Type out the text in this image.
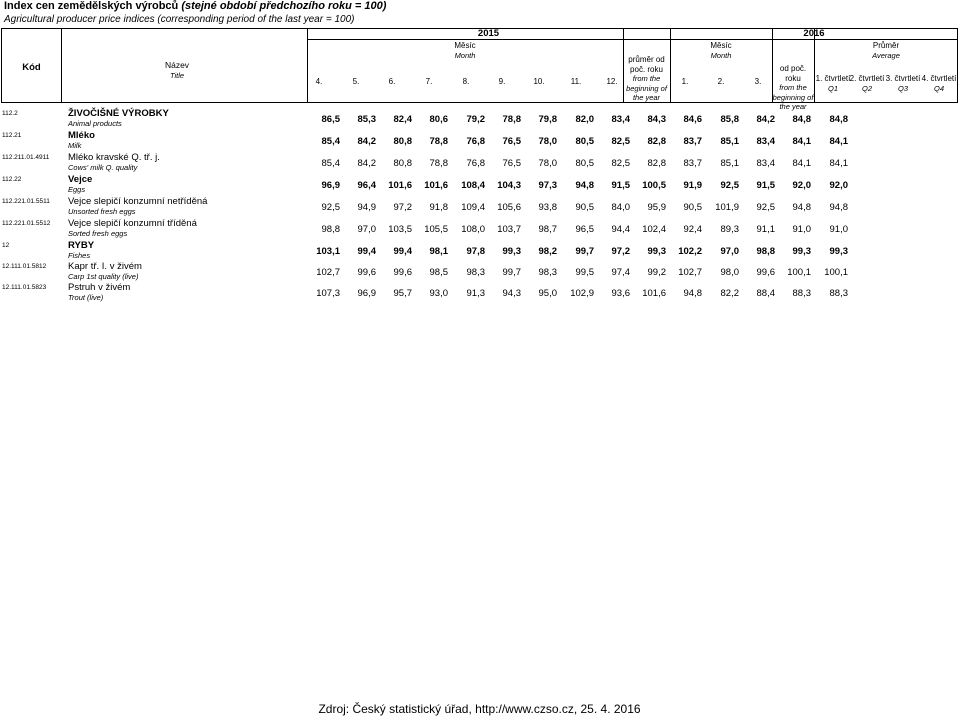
Index cen zemědělských výrobců (stejné období předchozího roku = 100)
Agricultural producer price indices (corresponding period of the last year = 100)
Kód	Název
Title
2015	2016
Měsíc
Month
Měsíc
Month
Průměr
Average
průměr od
poč. roku
from the
beginning of
the year
od poč.
roku
from the
beginning of
the year
4.	5.	6.	7.	8.	9.	10.	11.	12.	1.	2.	3.	1. čtvrtletí
Q1
2. čtvrtletí
Q2
3. čtvrtletí
Q3
4. čtvrtletí
Q4
112.2	ŽIVOČIŠNÉ VÝROBKY
Animal products	86,5	85,3	82,4	80,6	79,2	78,8	79,8	82,0	83,4	84,3	84,6	85,8	84,2	84,8	84,8
112.21	Mléko
Milk	85,4	84,2	80,8	78,8	76,8	76,5	78,0	80,5	82,5	82,8	83,7	85,1	83,4	84,1	84,1
112.211.01.4911 Mléko kravské Q. tř. j.
Cows' milk Q. quality	85,4	84,2	80,8	78,8	76,8	76,5	78,0	80,5	82,5	82,8	83,7	85,1	83,4	84,1	84,1
112.22	Vejce
Eggs	96,9	96,4	101,6	101,6	108,4	104,3	97,3	94,8	91,5	100,5	91,9	92,5	91,5	92,0	92,0
112.221.01.5511 Vejce slepičí konzumní netříděná
Unsorted fresh eggs	92,5	94,9	97,2	91,8	109,4	105,6	93,8	90,5	84,0	95,9	90,5	101,9	92,5	94,8	94,8
112.221.01.5512 Vejce slepičí konzumní tříděná
Sorted fresh eggs	98,8	97,0	103,5	105,5	108,0	103,7	98,7	96,5	94,4	102,4	92,4	89,3	91,1	91,0	91,0
12	RYBY
Fishes	103,1	99,4	99,4	98,1	97,8	99,3	98,2	99,7	97,2	99,3	102,2	97,0	98,8	99,3	99,3
12.111.01.5812 Kapr tř. I. v živém
Carp 1st quality (live)	102,7	99,6	99,6	98,5	98,3	99,7	98,3	99,5	97,4	99,2	102,7	98,0	99,6	100,1	100,1
12.111.01.5823 Pstruh v živém
Trout (live)	107,3	96,9	95,7	93,0	91,3	94,3	95,0	102,9	93,6	101,6	94,8	82,2	88,4	88,3	88,3
Zdroj: Český statistický úřad, http://www.czso.cz, 25. 4. 2016
